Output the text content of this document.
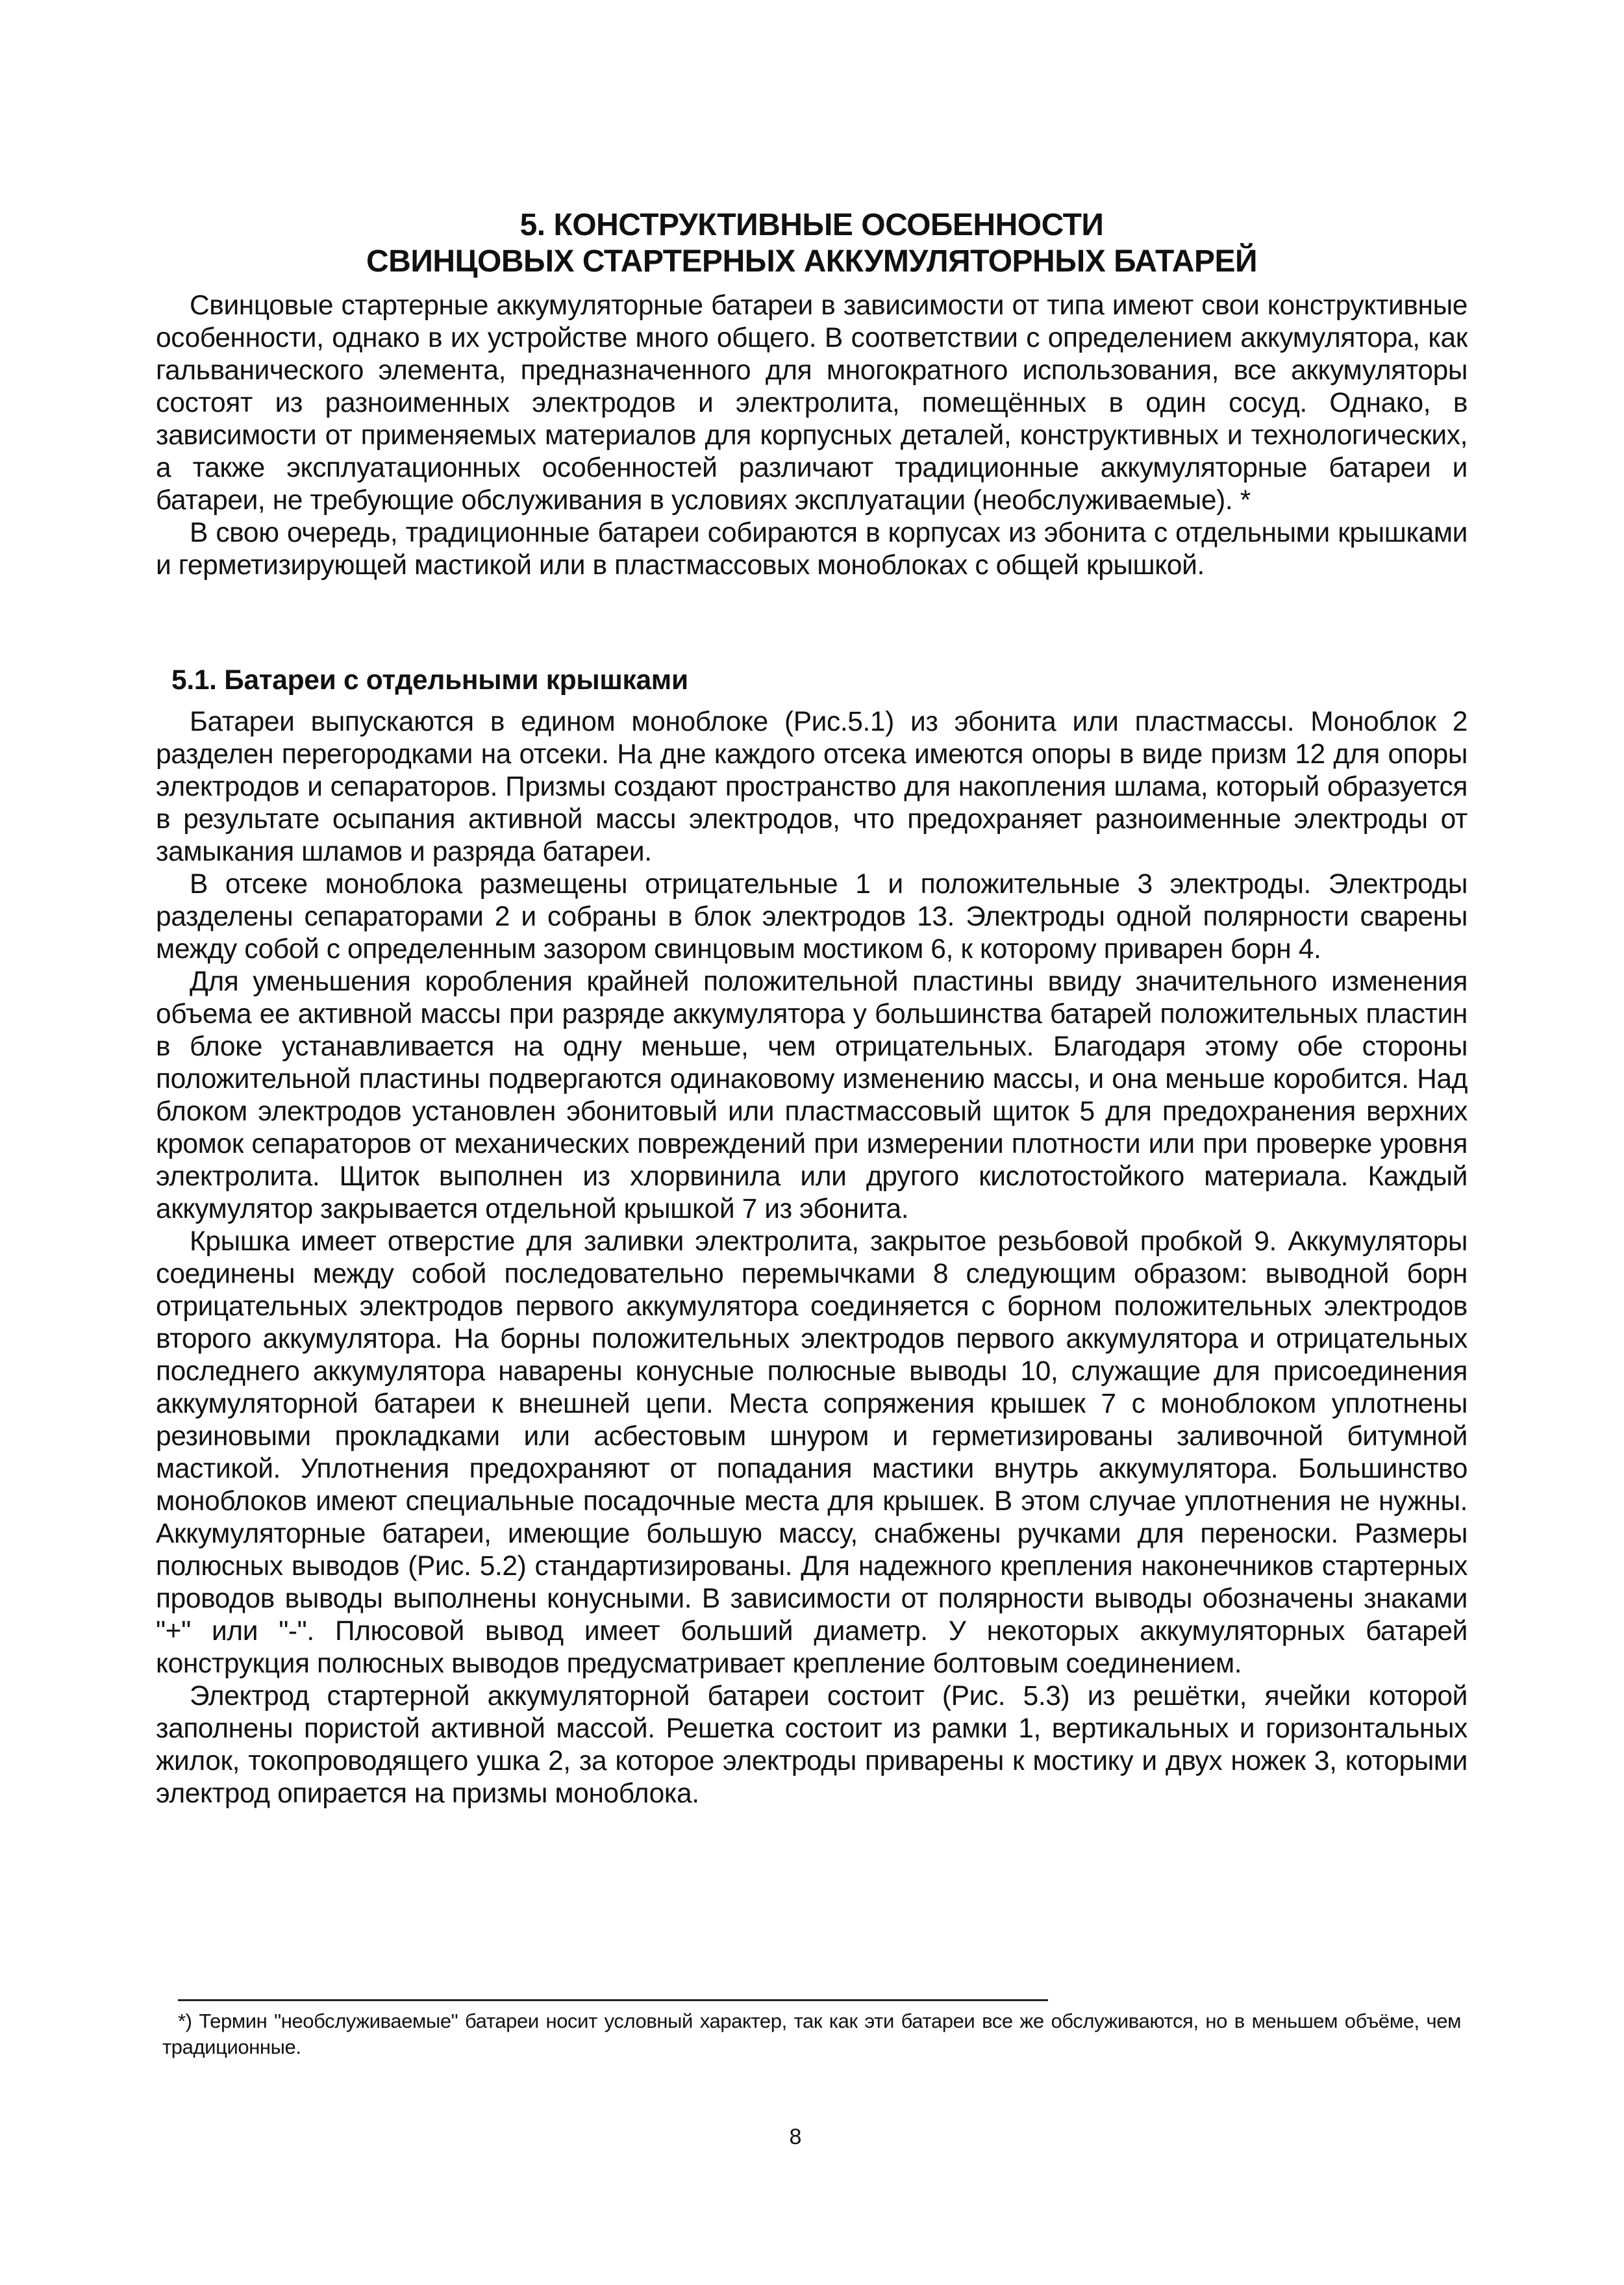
5. КОНСТРУКТИВНЫЕ ОСОБЕННОСТИ
СВИНЦОВЫХ СТАРТЕРНЫХ АККУМУЛЯТОРНЫХ БАТАРЕЙ

Свинцовые стартерные аккумуляторные батареи в зависимости от типа имеют свои конструктивные особенности, однако в их устройстве много общего. В соответствии с определением аккумулятора, как гальванического элемента, предназначенного для многократного использования, все аккумуляторы состоят из разноименных электродов и электролита, помещённых в один сосуд. Однако, в зависимости от применяемых материалов для корпусных деталей, конструктивных и технологических, а также эксплуатационных особенностей различают традиционные аккумуляторные батареи и батареи, не требующие обслуживания в условиях эксплуатации (необслуживаемые). *

В свою очередь, традиционные батареи собираются в корпусах из эбонита с отдельными крышками и герметизирующей мастикой или в пластмассовых моноблоках с общей крышкой.

5.1. Батареи с отдельными крышками

Батареи выпускаются в едином моноблоке (Рис.5.1) из эбонита или пластмассы. Моноблок 2 разделен перегородками на отсеки. На дне каждого отсека имеются опоры в виде призм 12 для опоры электродов и сепараторов. Призмы создают пространство для накопления шлама, который образуется в результате осыпания активной массы электродов, что предохраняет разноименные электроды от замыкания шламов и разряда батареи.

В отсеке моноблока размещены отрицательные 1 и положительные 3 электроды. Электроды разделены сепараторами 2 и собраны в блок электродов 13. Электроды одной полярности сварены между собой с определенным зазором свинцовым мостиком 6, к которому приварен борн 4.

Для уменьшения коробления крайней положительной пластины ввиду значительного изменения объема ее активной массы при разряде аккумулятора у большинства батарей положительных пластин в блоке устанавливается на одну меньше, чем отрицательных. Благодаря этому обе стороны положительной пластины подвергаются одинаковому изменению массы, и она меньше коробится. Над блоком электродов установлен эбонитовый или пластмассовый щиток 5 для предохранения верхних кромок сепараторов от механических повреждений при измерении плотности или при проверке уровня электролита. Щиток выполнен из хлорвинила или другого кислотостойкого материала. Каждый аккумулятор закрывается отдельной крышкой 7 из эбонита.

Крышка имеет отверстие для заливки электролита, закрытое резьбовой пробкой 9. Аккумуляторы соединены между собой последовательно перемычками 8 следующим образом: выводной борн отрицательных электродов первого аккумулятора соединяется с борном положительных электродов второго аккумулятора. На борны положительных электродов первого аккумулятора и отрицательных последнего аккумулятора наварены конусные полюсные выводы 10, служащие для присоединения аккумуляторной батареи к внешней цепи. Места сопряжения крышек 7 с моноблоком уплотнены резиновыми прокладками или асбестовым шнуром и герметизированы заливочной битумной мастикой. Уплотнения предохраняют от попадания мастики внутрь аккумулятора. Большинство моноблоков имеют специальные посадочные места для крышек. В этом случае уплотнения не нужны. Аккумуляторные батареи, имеющие большую массу, снабжены ручками для переноски. Размеры полюсных выводов (Рис. 5.2) стандартизированы. Для надежного крепления наконечников стартерных проводов выводы выполнены конусными. В зависимости от полярности выводы обозначены знаками "+" или "-". Плюсовой вывод имеет больший диаметр. У некоторых аккумуляторных батарей конструкция полюсных выводов предусматривает крепление болтовым соединением.

Электрод стартерной аккумуляторной батареи состоит (Рис. 5.3) из решётки, ячейки которой заполнены пористой активной массой. Решетка состоит из рамки 1, вертикальных и горизонтальных жилок, токопроводящего ушка 2, за которое электроды приварены к мостику и двух ножек 3, которыми электрод опирается на призмы моноблока.

*) Термин "необслуживаемые" батареи носит условный характер, так как эти батареи все же обслуживаются, но в меньшем объёме, чем традиционные.
8
